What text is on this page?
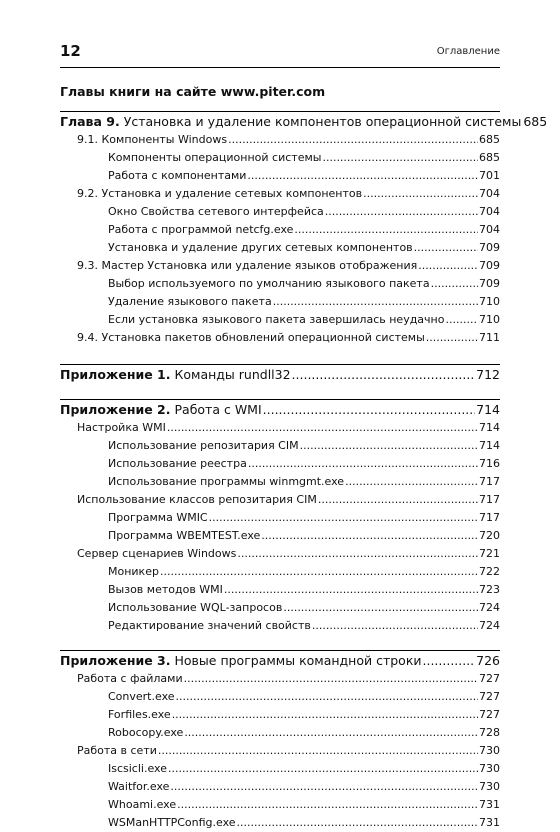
12	Оглавление
Главы книги на сайте www.piter.com
Глава 9. Установка и удаление компонентов операционной системы 685
9.1. Компоненты Windows .....	685
Компоненты операционной системы .....	685
Работа с компонентами .....	701
9.2. Установка и удаление сетевых компонентов .....	704
Окно Свойства сетевого интерфейса .....	704
Работа с программой netcfg.exe .....	704
Установка и удаление других сетевых компонентов .....	709
9.3. Мастер Установка или удаление языков отображения .....	709
Выбор используемого по умолчанию языкового пакета .....	709
Удаление языкового пакета .....	710
Если установка языкового пакета завершилась неудачно .....	710
9.4. Установка пакетов обновлений операционной системы .....	711
Приложение 1. Команды rundll32 .....	712
Приложение 2. Работа с WMI .....	714
Настройка WMI .....	714
Использование репозитария CIM .....	714
Использование реестра .....	716
Использование программы winmgmt.exe .....	717
Использование классов репозитария CIM .....	717
Программа WMIC .....	717
Программа WBEMTEST.exe .....	720
Сервер сценариев Windows .....	721
Моникер .....	722
Вызов методов WMI .....	723
Использование WQL-запросов .....	724
Редактирование значений свойств .....	724
Приложение 3. Новые программы командной строки .....	726
Работа с файлами .....	727
Convert.exe .....	727
Forfiles.exe .....	727
Robocopy.exe .....	728
Работа в сети .....	730
Iscsicli.exe .....	730
Waitfor.exe .....	730
Whoami.exe .....	731
WSManHTTPConfig.exe .....	731
